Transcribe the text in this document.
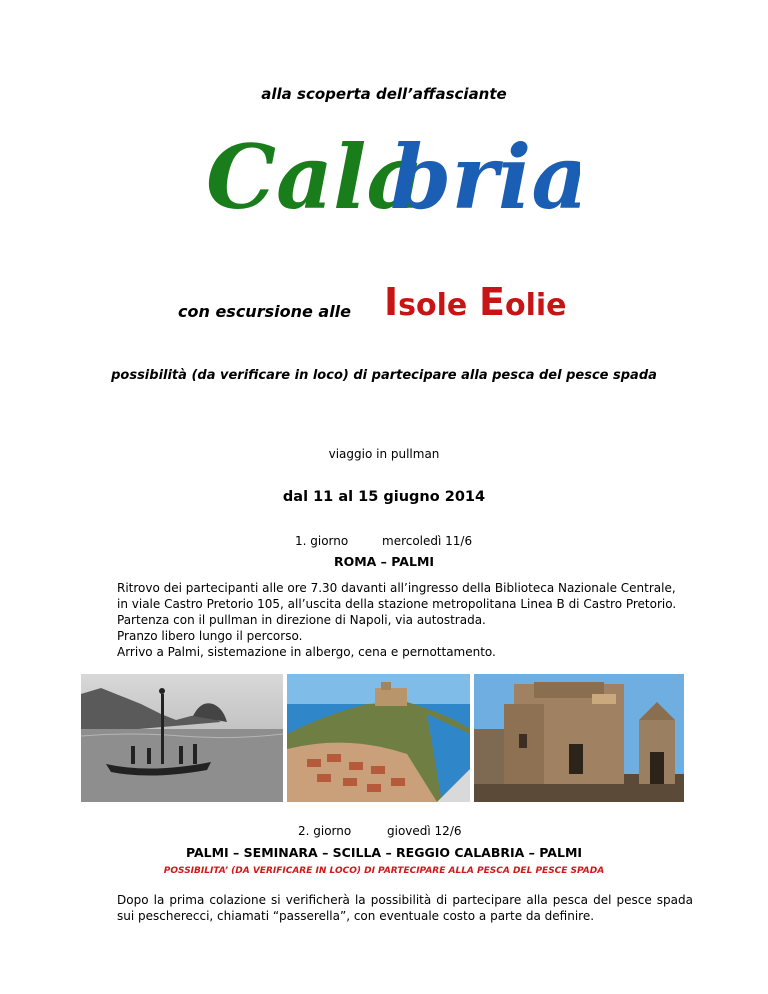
alla scoperta dell’affasciante
Cala
bria
con escursione alle Isole Eolie
possibilità (da verificare in loco) di partecipare alla pesca del pesce spada
viaggio in pullman
dal 11 al 15 giugno 2014
1. giorno	mercoledì 11/6
ROMA – PALMI

Ritrovo dei partecipanti alle ore 7.30 davanti all’ingresso della Biblioteca Nazionale Centrale, in viale Castro Pretorio 105, all’uscita della stazione metropolitana Linea B di Castro Pretorio.

Partenza con il pullman in direzione di Napoli, via autostrada.

Pranzo libero lungo il percorso.

Arrivo a Palmi, sistemazione in albergo, cena e pernottamento.

2. giorno	giovedì 12/6
PALMI – SEMINARA – SCILLA – REGGIO CALABRIA – PALMI
POSSIBILITA’ (DA VERIFICARE IN LOCO) DI PARTECIPARE ALLA PESCA DEL PESCE SPADA

Dopo la prima colazione si verificherà la possibilità di partecipare alla pesca del pesce spada sui pescherecci, chiamati “passerella”, con eventuale costo a parte da definire.
